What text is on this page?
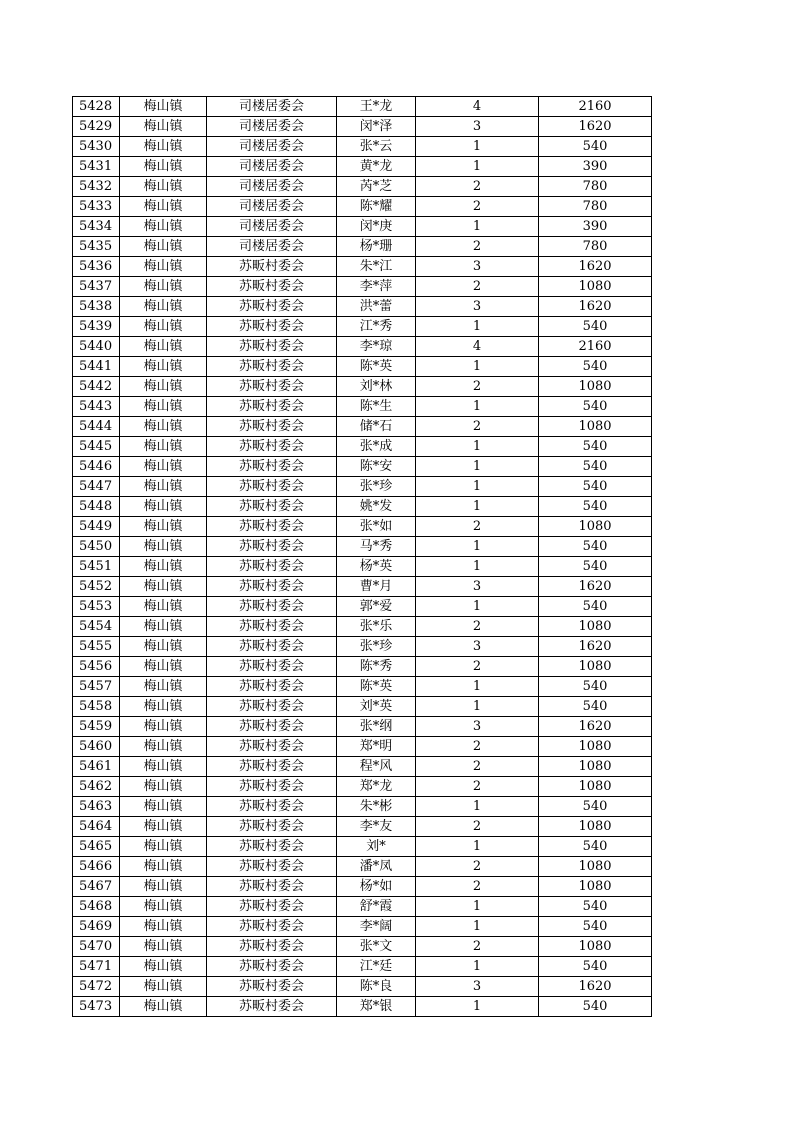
5428	梅山镇	司楼居委会	王*龙	4	2160
5429	梅山镇	司楼居委会	闵*泽	3	1620
5430	梅山镇	司楼居委会	张*云	1	540
5431	梅山镇	司楼居委会	黄*龙	1	390
5432	梅山镇	司楼居委会	芮*芝	2	780
5433	梅山镇	司楼居委会	陈*耀	2	780
5434	梅山镇	司楼居委会	闵*庚	1	390
5435	梅山镇	司楼居委会	杨*珊	2	780
5436	梅山镇	苏畈村委会	朱*江	3	1620
5437	梅山镇	苏畈村委会	李*萍	2	1080
5438	梅山镇	苏畈村委会	洪*蕾	3	1620
5439	梅山镇	苏畈村委会	江*秀	1	540
5440	梅山镇	苏畈村委会	李*琼	4	2160
5441	梅山镇	苏畈村委会	陈*英	1	540
5442	梅山镇	苏畈村委会	刘*林	2	1080
5443	梅山镇	苏畈村委会	陈*生	1	540
5444	梅山镇	苏畈村委会	储*石	2	1080
5445	梅山镇	苏畈村委会	张*成	1	540
5446	梅山镇	苏畈村委会	陈*安	1	540
5447	梅山镇	苏畈村委会	张*珍	1	540
5448	梅山镇	苏畈村委会	姚*发	1	540
5449	梅山镇	苏畈村委会	张*如	2	1080
5450	梅山镇	苏畈村委会	马*秀	1	540
5451	梅山镇	苏畈村委会	杨*英	1	540
5452	梅山镇	苏畈村委会	曹*月	3	1620
5453	梅山镇	苏畈村委会	郭*爱	1	540
5454	梅山镇	苏畈村委会	张*乐	2	1080
5455	梅山镇	苏畈村委会	张*珍	3	1620
5456	梅山镇	苏畈村委会	陈*秀	2	1080
5457	梅山镇	苏畈村委会	陈*英	1	540
5458	梅山镇	苏畈村委会	刘*英	1	540
5459	梅山镇	苏畈村委会	张*纲	3	1620
5460	梅山镇	苏畈村委会	郑*明	2	1080
5461	梅山镇	苏畈村委会	程*风	2	1080
5462	梅山镇	苏畈村委会	郑*龙	2	1080
5463	梅山镇	苏畈村委会	朱*彬	1	540
5464	梅山镇	苏畈村委会	李*友	2	1080
5465	梅山镇	苏畈村委会	刘*	1	540
5466	梅山镇	苏畈村委会	潘*凤	2	1080
5467	梅山镇	苏畈村委会	杨*如	2	1080
5468	梅山镇	苏畈村委会	舒*霞	1	540
5469	梅山镇	苏畈村委会	李*阔	1	540
5470	梅山镇	苏畈村委会	张*文	2	1080
5471	梅山镇	苏畈村委会	江*廷	1	540
5472	梅山镇	苏畈村委会	陈*良	3	1620
5473	梅山镇	苏畈村委会	郑*银	1	540
